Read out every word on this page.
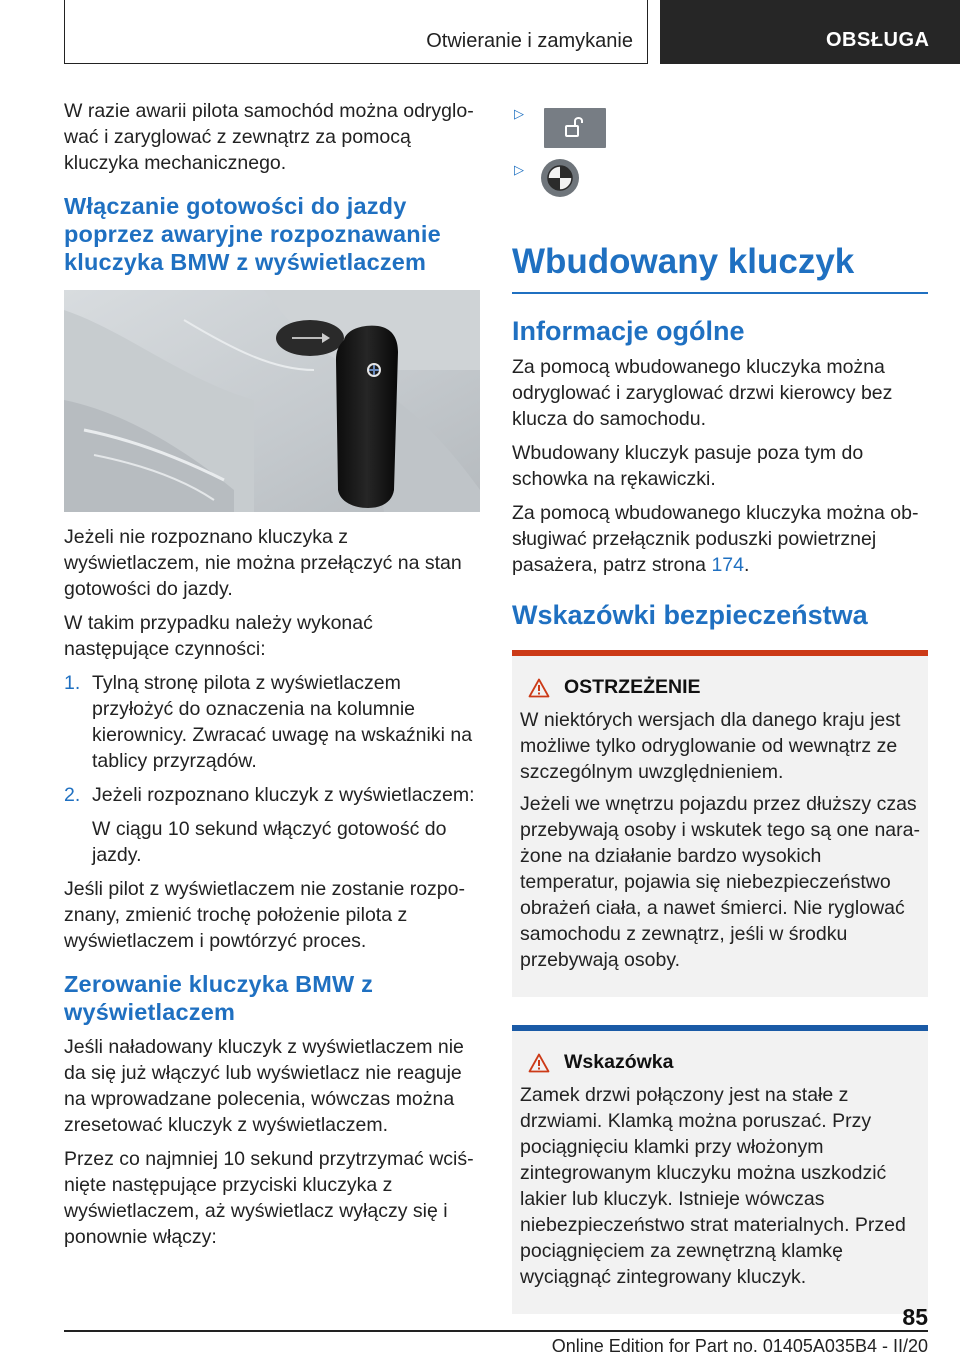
Otwieranie i zamykanie	OBSŁUGA

W razie awarii pilota samochód można odryglować i zaryglować z zewnątrz za pomocą kluczyka mechanicznego.

Włączanie gotowości do jazdy poprzez awaryjne rozpoznawanie kluczyka BMW z wyświetlaczem

Jeżeli nie rozpoznano kluczyka z wyświetlaczem, nie można przełączyć na stan gotowości do jazdy.

W takim przypadku należy wykonać następujące czynności:

1. Tylną stronę pilota z wyświetlaczem przyłożyć do oznaczenia na kolumnie kierownicy. Zwracać uwagę na wskaźniki na tablicy przyrządów.
2. Jeżeli rozpoznano kluczyk z wyświetlaczem:
W ciągu 10 sekund włączyć gotowość do jazdy.

Jeśli pilot z wyświetlaczem nie zostanie rozpoznany, zmienić trochę położenie pilota z wyświetlaczem i powtórzyć proces.

Zerowanie kluczyka BMW z wyświetlaczem

Jeśli naładowany kluczyk z wyświetlaczem nie da się już włączyć lub wyświetlacz nie reaguje na wprowadzane polecenia, wówczas można zresetować kluczyk z wyświetlaczem.

Przez co najmniej 10 sekund przytrzymać wciśnięte następujące przyciski kluczyka z wyświetlaczem, aż wyświetlacz wyłączy się i ponownie włączy:

▷
▷
Wbudowany kluczyk
Informacje ogólne

Za pomocą wbudowanego kluczyka można odryglować i zaryglować drzwi kierowcy bez klucza do samochodu.

Wbudowany kluczyk pasuje poza tym do schowka na rękawiczki.

Za pomocą wbudowanego kluczyka można obsługiwać przełącznik poduszki powietrznej pasażera, patrz strona 174.

Wskazówki bezpieczeństwa
OSTRZEŻENIE

W niektórych wersjach dla danego kraju jest możliwe tylko odryglowanie od wewnątrz ze szczególnym uwzględnieniem.

Jeżeli we wnętrzu pojazdu przez dłuższy czas przebywają osoby i wskutek tego są one narażone na działanie bardzo wysokich temperatur, pojawia się niebezpieczeństwo obrażeń ciała, a nawet śmierci. Nie ryglować samochodu z zewnątrz, jeśli w środku przebywają osoby.

Wskazówka

Zamek drzwi połączony jest na stałe z drzwiami. Klamką można poruszać. Przy pociągnięciu klamki przy włożonym zintegrowanym kluczyku można uszkodzić lakier lub kluczyk. Istnieje wówczas niebezpieczeństwo strat materialnych. Przed pociągnięciem za zewnętrzną klamkę wyciągnąć zintegrowany kluczyk.

85
Online Edition for Part no. 01405A035B4 - II/20
